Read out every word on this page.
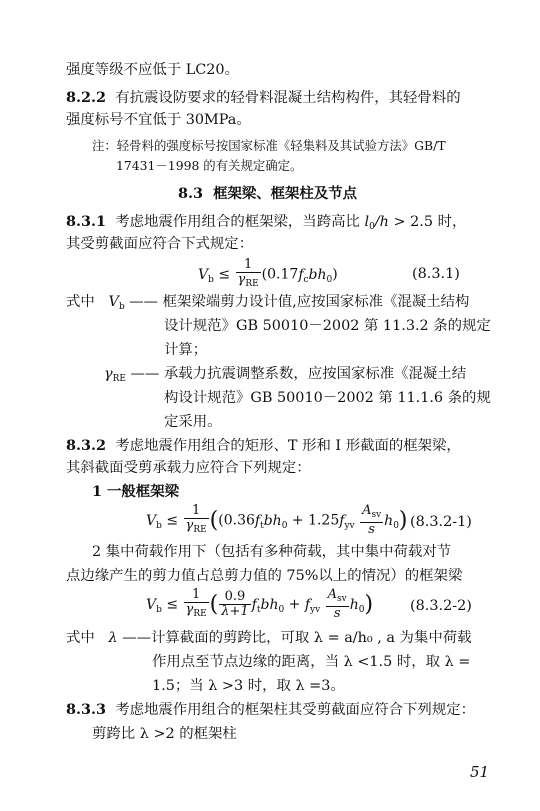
强度等级不应低于 LC20。
8.2.2 有抗震设防要求的轻骨料混凝土结构构件，其轻骨料的
强度标号不宜低于 30MPa。
注：轻骨料的强度标号按国家标准《轻集料及其试验方法》GB/T
17431－1998 的有关规定确定。
8.3 框架梁、框架柱及节点
8.3.1 考虑地震作用组合的框架梁，当跨高比 $l_0/h > 2.5$ 时，
其受剪截面应符合下式规定：
$V_b \le \frac{1}{\gamma_{RE}} (0.17f_cbh_0)$	(8.3.1)
式中 $V_b$ —— 框架梁端剪力设计值,应按国家标准《混凝土结构
设计规范》GB 50010－2002 第 11.3.2 条的规定
计算；
$\gamma_{RE}$ —— 承载力抗震调整系数，应按国家标准《混凝土结
构设计规范》GB 50010－2002 第 11.1.6 条的规
定采用。
8.3.2 考虑地震作用组合的矩形、T 形和 I 形截面的框架梁，
其斜截面受剪承载力应符合下列规定：
1 一般框架梁
$V_b \le \frac{1}{\gamma_{RE}} ((0.36f_tbh_0 + 1.25f_{yv} \frac{A_{sv}}{s} h_0)$ (8.3.2-1)
2 集中荷载作用下（包括有多种荷载，其中集中荷载对节
点边缘产生的剪力值占总剪力值的 75%以上的情况）的框架梁
$V_b \le \frac{1}{\gamma_{RE}}$ ( $\frac{0.9}{\lambda+1} f_tbh_0 + f_{yv} \frac{A_{sv}}{s} h_0$)	(8.3.2-2)
式中 λ ——计算截面的剪跨比，可取 λ = a/h₀ , a 为集中荷载
作用点至节点边缘的距离，当 λ <1.5 时，取 λ =
1.5；当 λ >3 时，取 λ =3。
8.3.3 考虑地震作用组合的框架柱其受剪截面应符合下列规定：
剪跨比 λ >2 的框架柱
51
